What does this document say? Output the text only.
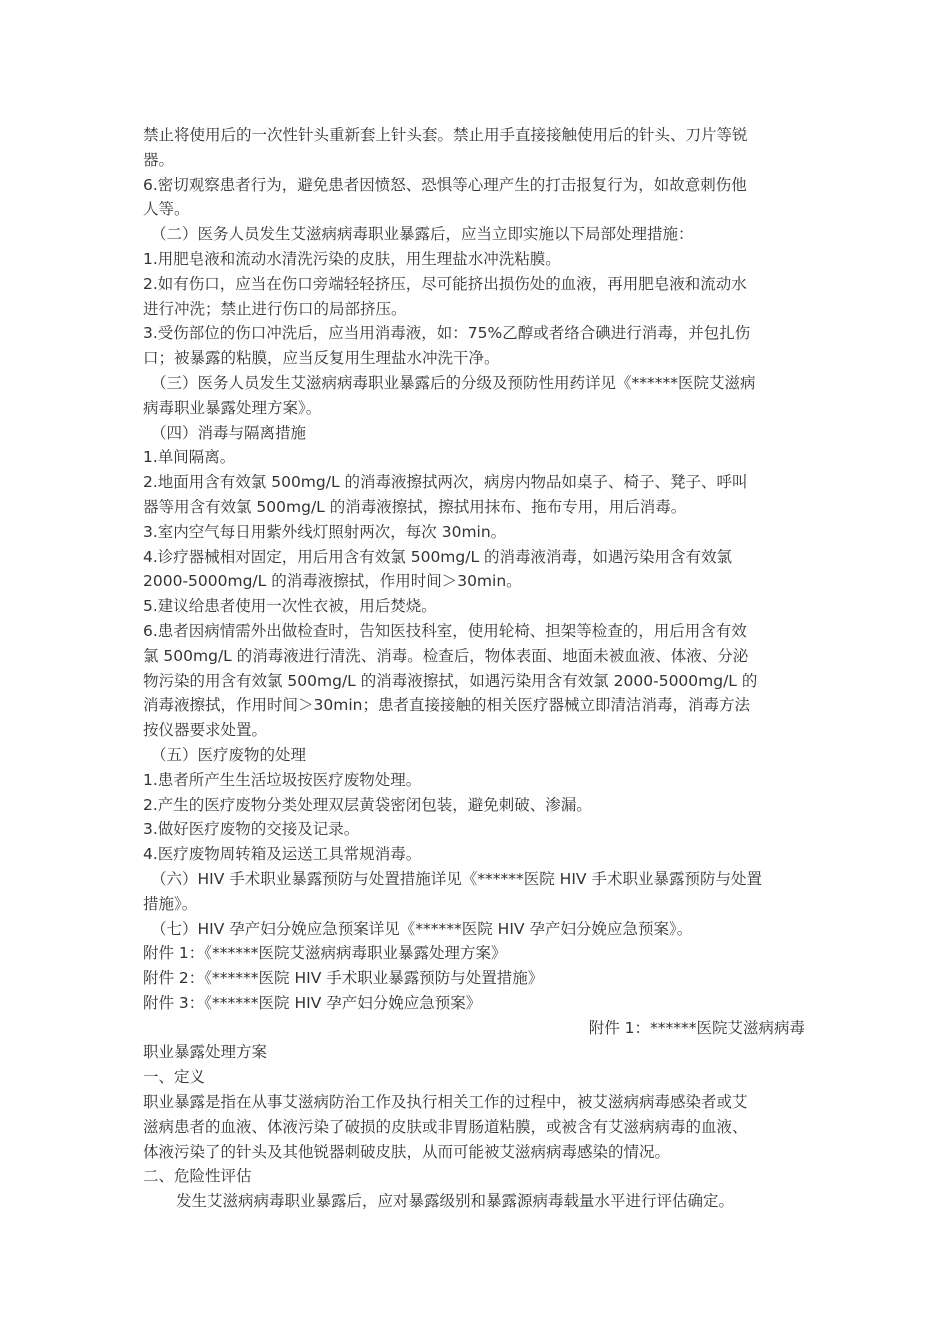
禁止将使用后的一次性针头重新套上针头套。禁止用手直接接触使用后的针头、刀片等锐
器。
6.密切观察患者行为，避免患者因愤怒、恐惧等心理产生的打击报复行为，如故意刺伤他
人等。
（二）医务人员发生艾滋病病毒职业暴露后，应当立即实施以下局部处理措施：
1.用肥皂液和流动水清洗污染的皮肤，用生理盐水冲洗粘膜。
2.如有伤口，应当在伤口旁端轻轻挤压，尽可能挤出损伤处的血液，再用肥皂液和流动水
进行冲洗；禁止进行伤口的局部挤压。
3.受伤部位的伤口冲洗后，应当用消毒液，如：75%乙醇或者络合碘进行消毒，并包扎伤
口；被暴露的粘膜，应当反复用生理盐水冲洗干净。
（三）医务人员发生艾滋病病毒职业暴露后的分级及预防性用药详见《******医院艾滋病
病毒职业暴露处理方案》。
（四）消毒与隔离措施
1.单间隔离。
2.地面用含有效氯 500mg/L 的消毒液擦拭两次，病房内物品如桌子、椅子、凳子、呼叫
器等用含有效氯 500mg/L 的消毒液擦拭，擦拭用抹布、拖布专用，用后消毒。
3.室内空气每日用紫外线灯照射两次，每次 30min。
4.诊疗器械相对固定，用后用含有效氯 500mg/L 的消毒液消毒，如遇污染用含有效氯
2000-5000mg/L 的消毒液擦拭，作用时间＞30min。
5.建议给患者使用一次性衣被，用后焚烧。
6.患者因病情需外出做检查时，告知医技科室，使用轮椅、担架等检查的，用后用含有效
氯 500mg/L 的消毒液进行清洗、消毒。检查后，物体表面、地面未被血液、体液、分泌
物污染的用含有效氯 500mg/L 的消毒液擦拭，如遇污染用含有效氯 2000-5000mg/L 的
消毒液擦拭，作用时间＞30min；患者直接接触的相关医疗器械立即清洁消毒，消毒方法
按仪器要求处置。
（五）医疗废物的处理
1.患者所产生生活垃圾按医疗废物处理。
2.产生的医疗废物分类处理双层黄袋密闭包装，避免刺破、渗漏。
3.做好医疗废物的交接及记录。
4.医疗废物周转箱及运送工具常规消毒。
（六）HIV 手术职业暴露预防与处置措施详见《******医院 HIV 手术职业暴露预防与处置
措施》。
（七）HIV 孕产妇分娩应急预案详见《******医院 HIV 孕产妇分娩应急预案》。
附件 1：《******医院艾滋病病毒职业暴露处理方案》
附件 2：《******医院 HIV 手术职业暴露预防与处置措施》
附件 3：《******医院 HIV 孕产妇分娩应急预案》
附件 1：******医院艾滋病病毒
职业暴露处理方案
一、定义
职业暴露是指在从事艾滋病防治工作及执行相关工作的过程中，被艾滋病病毒感染者或艾
滋病患者的血液、体液污染了破损的皮肤或非胃肠道粘膜，或被含有艾滋病病毒的血液、
体液污染了的针头及其他锐器刺破皮肤，从而可能被艾滋病病毒感染的情况。
二、危险性评估
发生艾滋病病毒职业暴露后，应对暴露级别和暴露源病毒载量水平进行评估确定。
